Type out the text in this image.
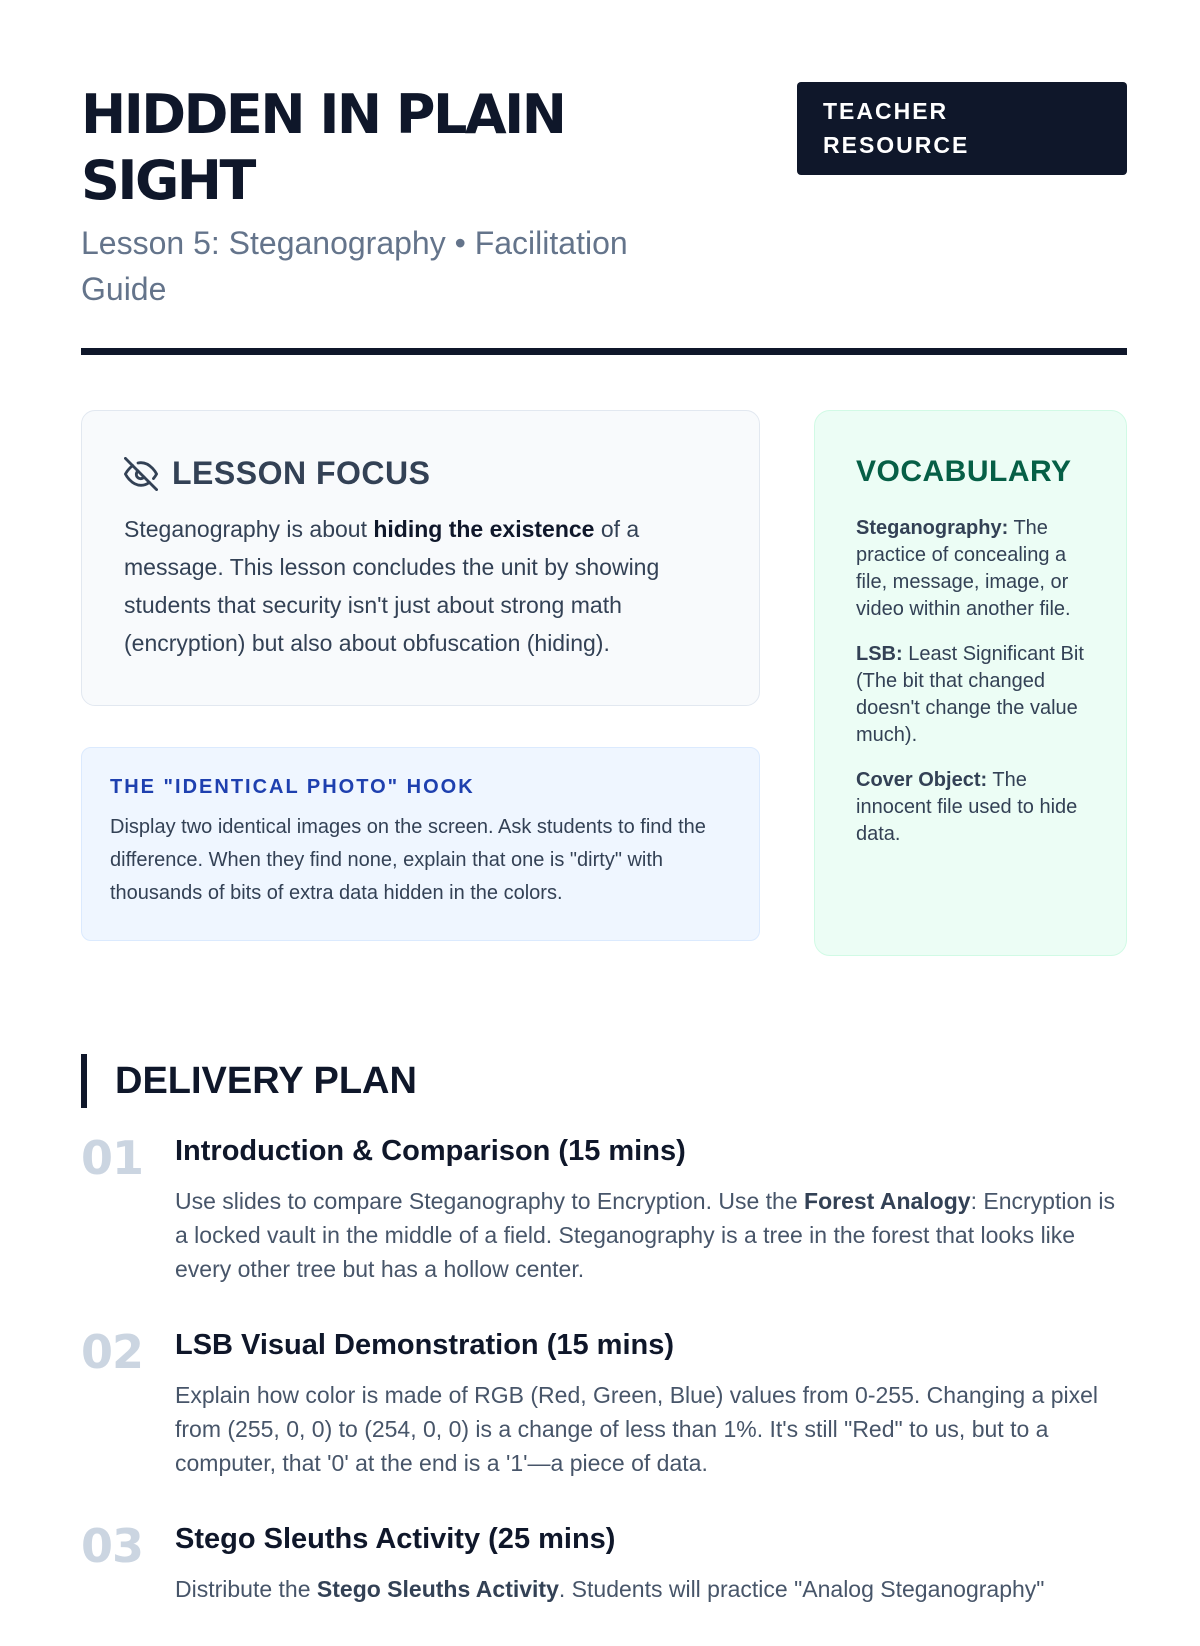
HIDDEN IN PLAIN SIGHT

Lesson 5: Steganography • Facilitation Guide

TEACHER RESOURCE
LESSON FOCUS

Steganography is about hiding the existence of a message. This lesson concludes the unit by showing students that security isn't just about strong math (encryption) but also about obfuscation (hiding).

THE "IDENTICAL PHOTO" HOOK

Display two identical images on the screen. Ask students to find the difference. When they find none, explain that one is "dirty" with thousands of bits of extra data hidden in the colors.

VOCABULARY

Steganography: The practice of concealing a file, message, image, or video within another file.

LSB: Least Significant Bit (The bit that changed doesn't change the value much).

Cover Object: The innocent file used to hide data.

DELIVERY PLAN
01 Introduction & Comparison (15 mins)

Use slides to compare Steganography to Encryption. Use the Forest Analogy: Encryption is a locked vault in the middle of a field. Steganography is a tree in the forest that looks like every other tree but has a hollow center.

02 LSB Visual Demonstration (15 mins)

Explain how color is made of RGB (Red, Green, Blue) values from 0-255. Changing a pixel from (255, 0, 0) to (254, 0, 0) is a change of less than 1%. It's still "Red" to us, but to a computer, that '0' at the end is a '1'—a piece of data.

03 Stego Sleuths Activity (25 mins)

Distribute the Stego Sleuths Activity. Students will practice "Analog Steganography"
